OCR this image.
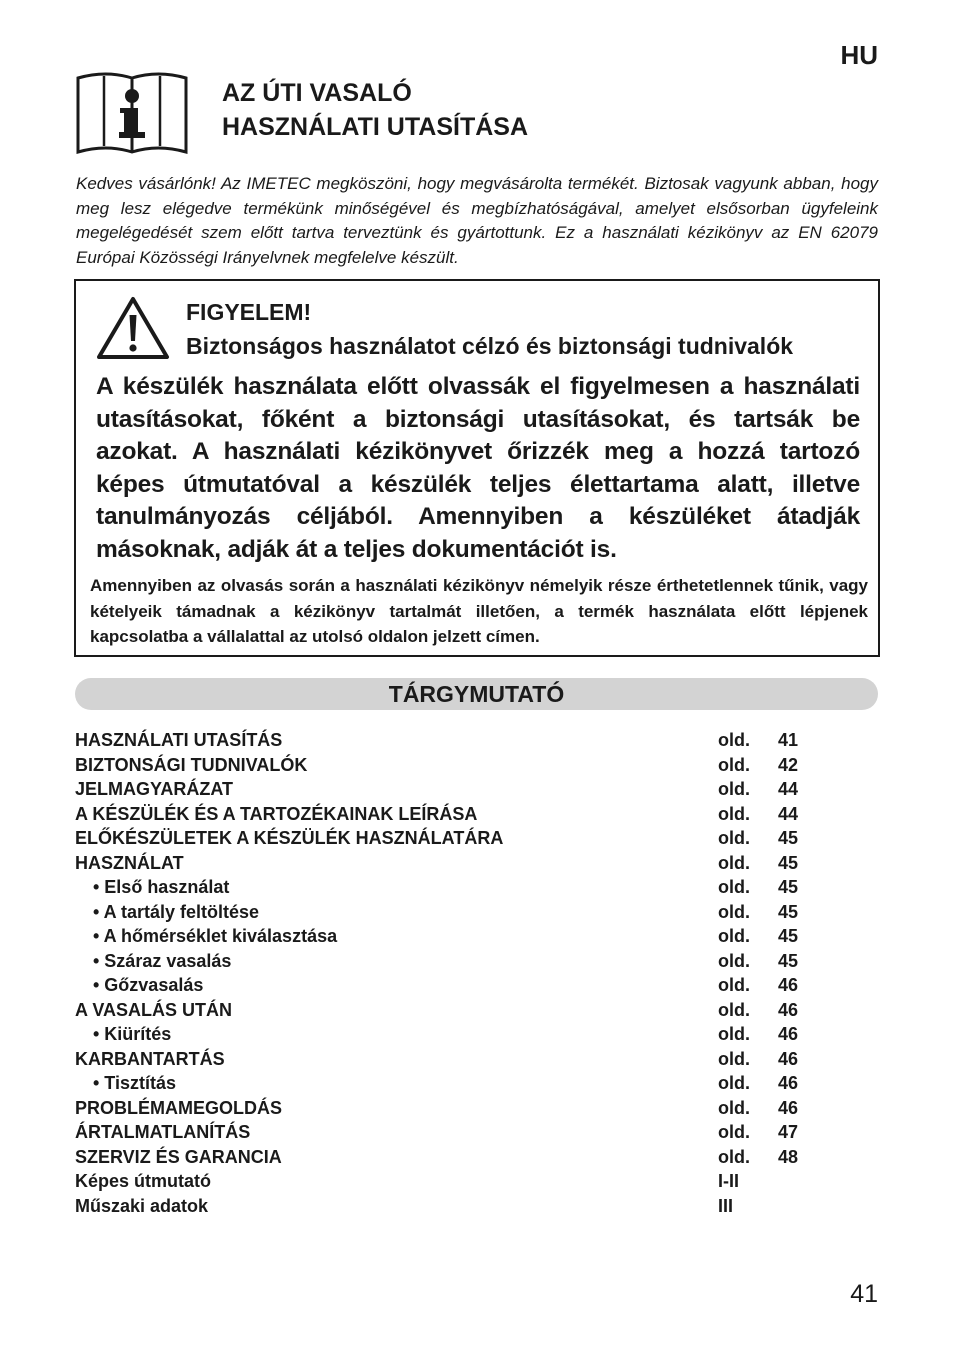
HU
AZ ÚTI VASALÓ
HASZNÁLATI UTASÍTÁSA
Kedves vásárlónk! Az IMETEC megköszöni, hogy megvásárolta termékét. Biztosak vagyunk abban, hogy meg lesz elégedve termékünk minőségével és megbízhatóságával, amelyet elsősorban ügyfeleink megelégedését szem előtt tartva terveztünk és gyártottunk. Ez a használati kézikönyv az EN 62079 Európai Közösségi Irányelvnek megfelelve készült.
FIGYELEM!
Biztonságos használatot célzó és biztonsági tudnivalók
A készülék használata előtt olvassák el figyelmesen a használati utasításokat, főként a biztonsági utasításokat, és tartsák be azokat. A használati kézikönyvet őrizzék meg a hozzá tartozó képes útmutatóval a készülék teljes élettartama alatt, illetve tanulmányozás céljából. Amennyiben a készüléket átadják másoknak, adják át a teljes dokumentációt is.
Amennyiben az olvasás során a használati kézikönyv némelyik része érthetetlennek tűnik, vagy kételyeik támadnak a kézikönyv tartalmát illetően, a termék használata előtt lépjenek kapcsolatba a vállalattal az utolsó oldalon jelzett címen.
TÁRGYMUTATÓ
HASZNÁLATI UTASÍTÁS	old. 41
BIZTONSÁGI TUDNIVALÓK	old. 42
JELMAGYARÁZAT	old. 44
A KÉSZÜLÉK ÉS A TARTOZÉKAINAK LEÍRÁSA	old. 44
ELŐKÉSZÜLETEK A KÉSZÜLÉK HASZNÁLATÁRA	old. 45
HASZNÁLAT	old. 45
• Első használat	old. 45
• A tartály feltöltése	old. 45
• A hőmérséklet kiválasztása	old. 45
• Száraz vasalás	old. 45
• Gőzvasalás	old. 46
A VASALÁS UTÁN	old. 46
• Kiürítés	old. 46
KARBANTARTÁS	old. 46
• Tisztítás	old. 46
PROBLÉMAMEGOLDÁS	old. 46
ÁRTALMATLANÍTÁS	old. 47
SZERVIZ ÉS GARANCIA	old. 48
Képes útmutató	I-II
Műszaki adatok	III
41
